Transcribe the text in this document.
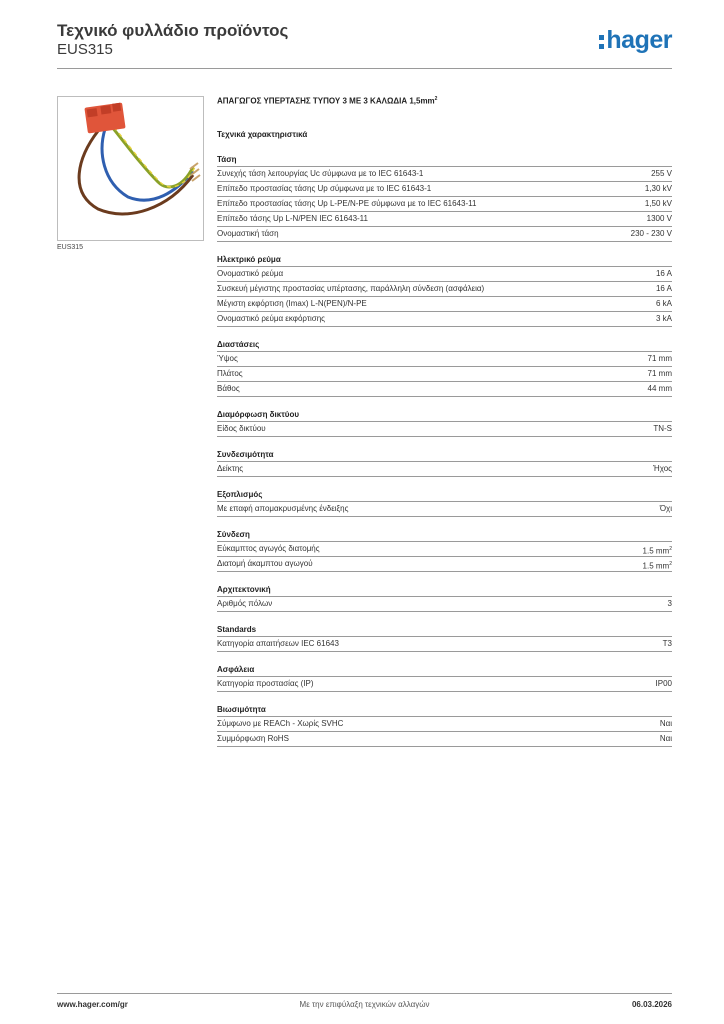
Τεχνικό φυλλάδιο προϊόντος
EUS315	hager
EUS315
ΑΠΑΓΩΓΟΣ ΥΠΕΡΤΑΣΗΣ ΤΥΠΟΥ 3 ΜΕ 3 ΚΑΛΩΔΙΑ $1,5mm^2$
Τεχνικά χαρακτηριστικά
Τάση
Συνεχής τάση λειτουργίας Uc σύμφωνα με το IEC 61643-1	255 V
Επίπεδο προστασίας τάσης Up σύμφωνα με το IEC 61643-1	1,30 kV
Επίπεδο προστασίας τάσης Up L-PE/N-PE σύμφωνα με το IEC 61643-11	1,50 kV
Επίπεδο τάσης Up L-N/PEN IEC 61643-11	1300 V
Ονομαστική τάση	230 - 230 V
Ηλεκτρικό ρεύμα
Ονομαστικό ρεύμα	16 A
Συσκευή μέγιστης προστασίας υπέρτασης, παράλληλη σύνδεση (ασφάλεια)	16 A
Μέγιστη εκφόρτιση (Imax) L-N(PEN)/N-PE	6 kA
Ονομαστικό ρεύμα εκφόρτισης	3 kA
Διαστάσεις
Ύψος	71 mm
Πλάτος	71 mm
Βάθος	44 mm
Διαμόρφωση δικτύου
Είδος δικτύου	TN-S
Συνδεσιμότητα
Δείκτης	Ήχος
Εξοπλισμός
Με επαφή απομακρυσμένης ένδειξης	Όχι
Σύνδεση
Εύκαμπτος αγωγός διατομής	1.5 $mm^2$
Διατομή άκαμπτου αγωγού	1.5 $mm^2$
Αρχιτεκτονική
Αριθμός πόλων	3
Standards
Κατηγορία απαιτήσεων IEC 61643	T3
Ασφάλεια
Κατηγορία προστασίας (IP)	IP00
Βιωσιμότητα
Σύμφωνο με REACh - Χωρίς SVHC	Ναι
Συμμόρφωση RoHS	Ναι
Με την επιφύλαξη τεχνικών αλλαγών
www.hager.com/gr	06.03.2026
